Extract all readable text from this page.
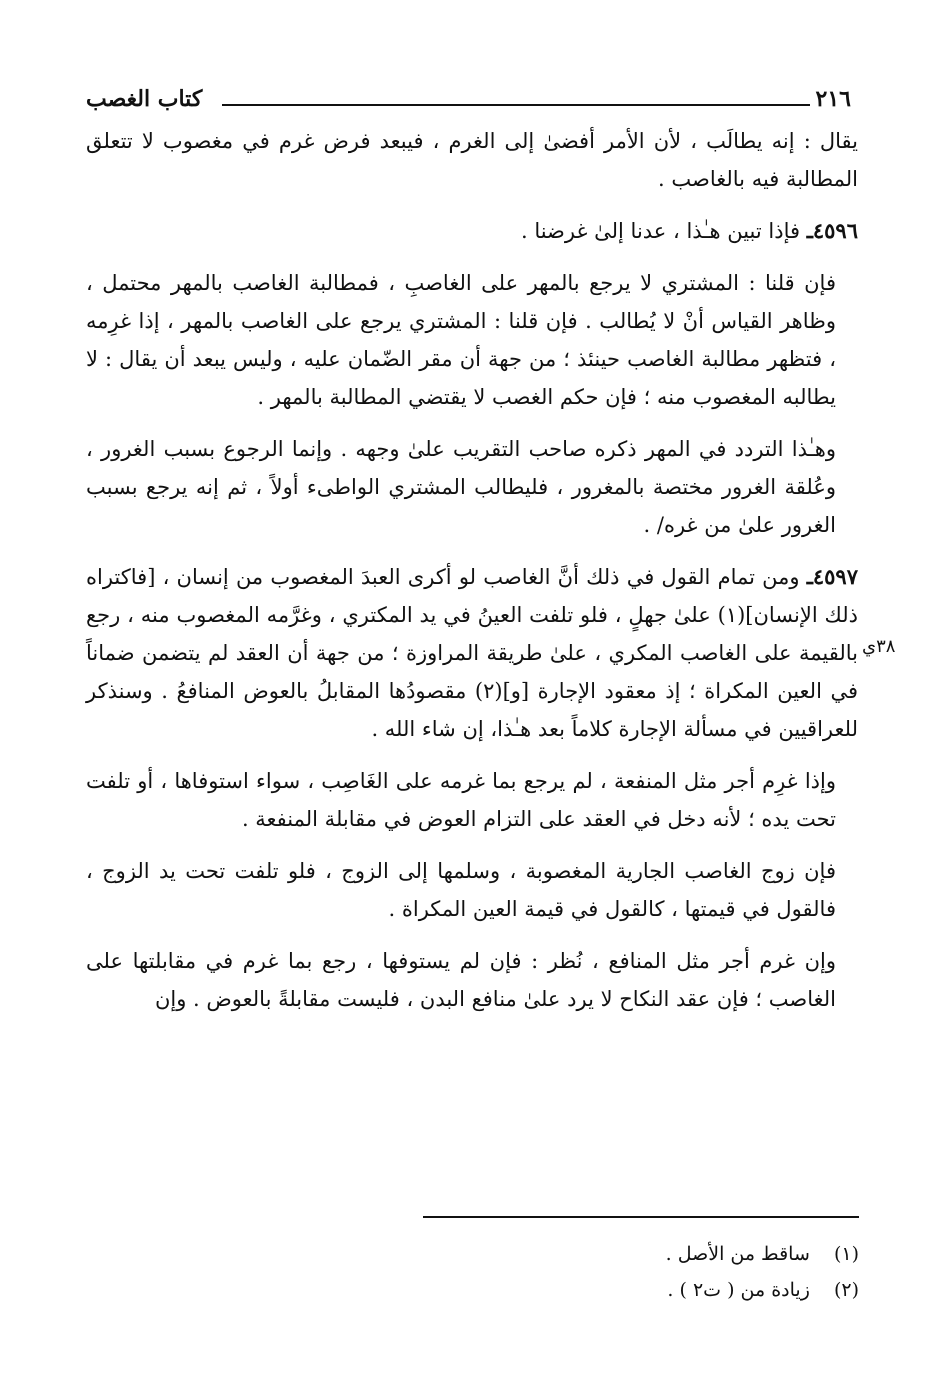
٢١٦
كتاب الغصب

يقال : إنه يطالَب ، لأن الأمر أفضىٰ إلى الغرم ، فيبعد فرض غرم في مغصوب لا تتعلق المطالبة فيه بالغاصب .

٤٥٩٦ـ فإذا تبين هـٰذا ، عدنا إلىٰ غرضنا .

فإن قلنا : المشتري لا يرجع بالمهر على الغاصبِ ، فمطالبة الغاصب بالمهر محتمل ، وظاهر القياس أنْ لا يُطالب . فإن قلنا : المشتري يرجع على الغاصب بالمهر ، إذا غرِمه ، فتظهر مطالبة الغاصب حينئذ ؛ من جهة أن مقر الضّمان عليه ، وليس يبعد أن يقال : لا يطالبه المغصوب منه ؛ فإن حكم الغصب لا يقتضي المطالبة بالمهر .

وهـٰذا التردد في المهر ذكره صاحب التقريب علىٰ وجهه . وإنما الرجوع بسبب الغرور ، وعُلقة الغرور مختصة بالمغرور ، فليطالب المشتري الواطىء أولاً ، ثم إنه يرجع بسبب الغرور علىٰ من غره/ .

٤٥٩٧ـ ومن تمام القول في ذلك أنَّ الغاصب لو أكرى العبدَ المغصوب من إنسان ، [فاكتراه ذلك الإنسان](١) علىٰ جهلٍ ، فلو تلفت العينُ في يد المكتري ، وغرَّمه المغصوب منه ، رجع بالقيمة على الغاصب المكري ، علىٰ طريقة المراوزة ؛ من جهة أن العقد لم يتضمن ضماناً في العين المكراة ؛ إذ معقود الإجارة [و](٢) مقصودُها المقابلُ بالعوض المنافعُ . وسنذكر للعراقيين في مسألة الإجارة كلاماً بعد هـٰذا، إن شاء الله .

وإذا غرِم أجر مثل المنفعة ، لم يرجع بما غرمه على الغَاصِب ، سواء استوفاها ، أو تلفت تحت يده ؛ لأنه دخل في العقد على التزام العوض في مقابلة المنفعة .

فإن زوج الغاصب الجارية المغصوبة ، وسلمها إلى الزوج ، فلو تلفت تحت يد الزوج ، فالقول في قيمتها ، كالقول في قيمة العين المكراة .

وإن غرم أجر مثل المنافع ، نُظر : فإن لم يستوفها ، رجع بما غرم في مقابلتها على الغاصب ؛ فإن عقد النكاح لا يرد علىٰ منافع البدن ، فليست مقابلةً بالعوض . وإن

٣٨ي
(١) ساقط من الأصل .
(٢) زيادة من ( ت٢ ) .
